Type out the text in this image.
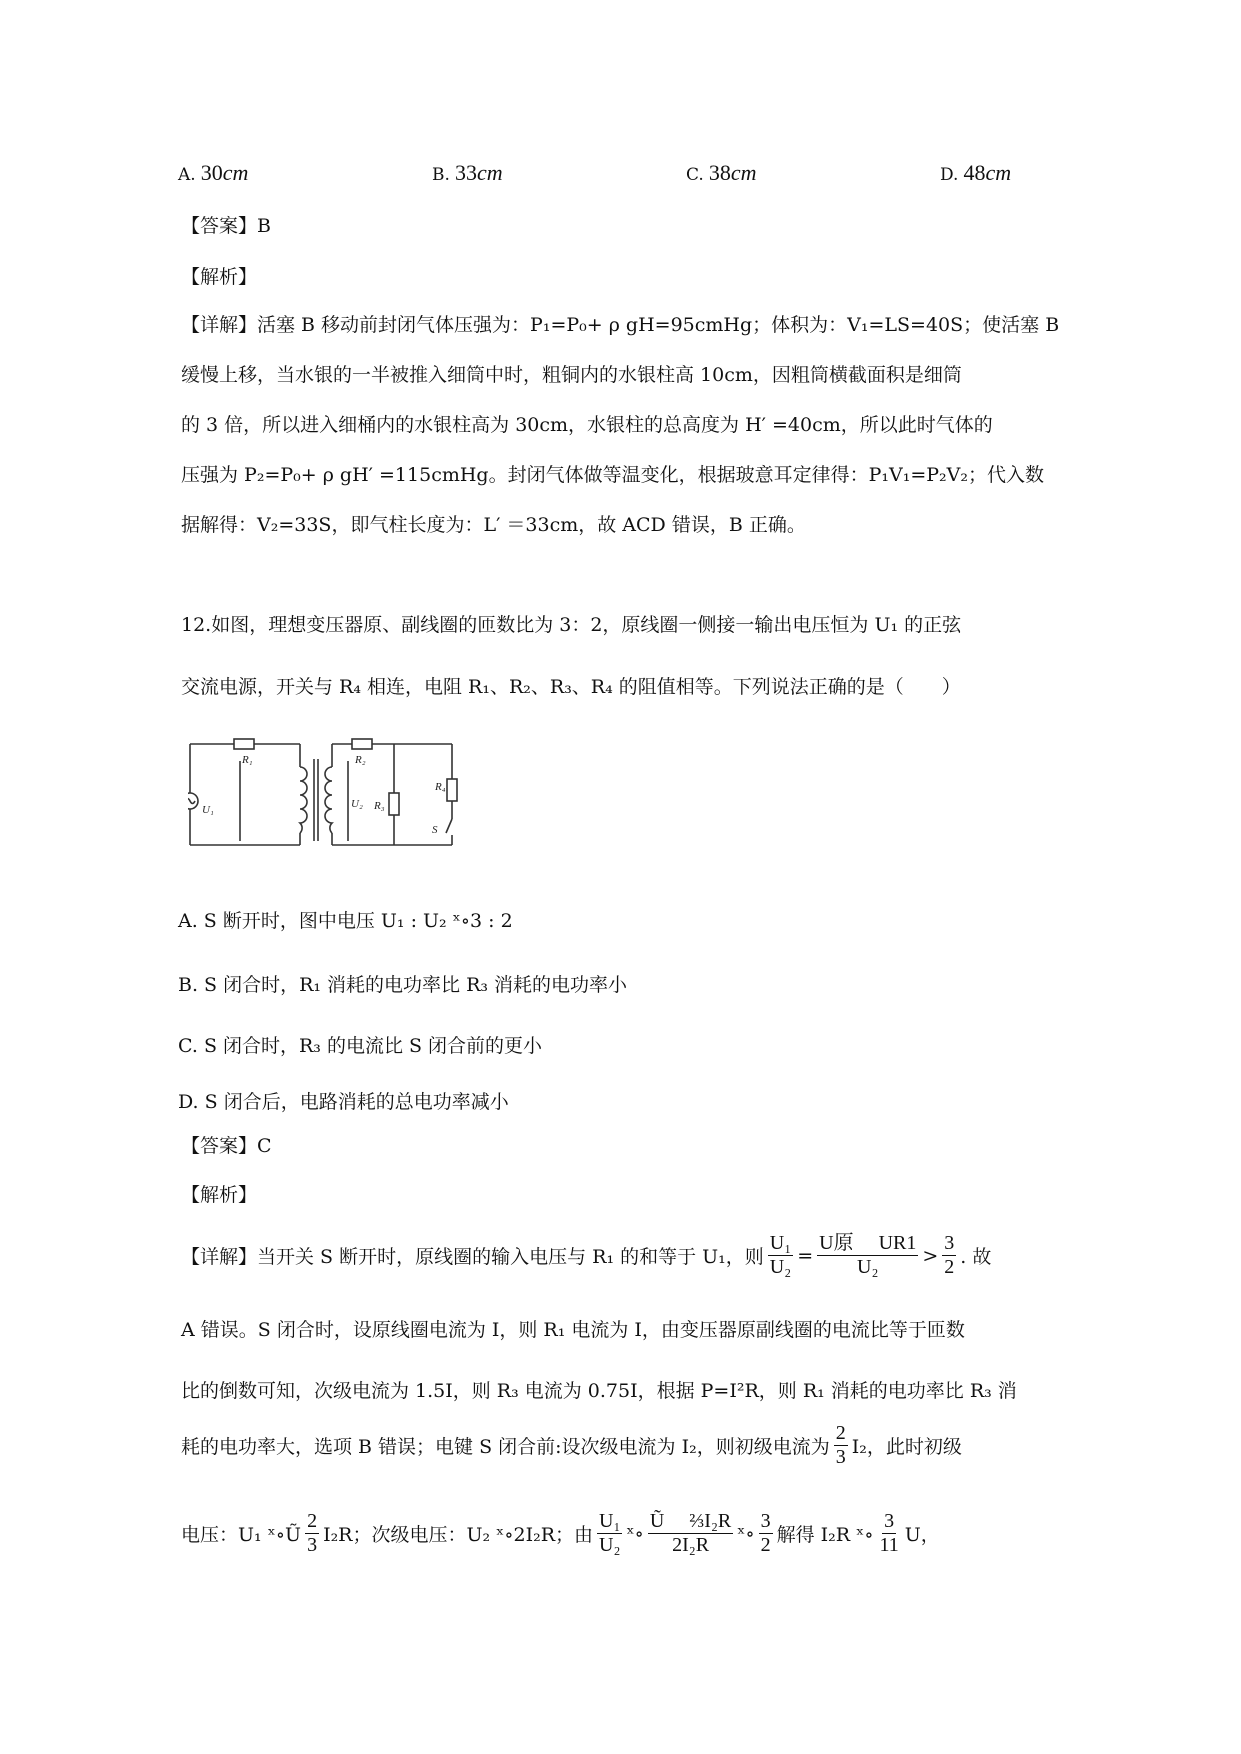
A. 30cm	B. 33cm	C. 38cm	D. 48cm
【答案】B
【解析】
【详解】活塞 B 移动前封闭气体压强为：P₁=P₀+ ρ gH=95cmHg；体积为：V₁=LS=40S；使活塞 B
缓慢上移，当水银的一半被推入细筒中时，粗铜内的水银柱高 10cm，因粗筒横截面积是细筒
的 3 倍，所以进入细桶内的水银柱高为 30cm，水银柱的总高度为 H′ =40cm，所以此时气体的
压强为 P₂=P₀+ ρ gH′ =115cmHg。封闭气体做等温变化，根据玻意耳定律得：P₁V₁=P₂V₂；代入数
据解得：V₂=33S，即气柱长度为：L′ ＝33cm，故 ACD 错误，B 正确。
12.如图，理想变压器原、副线圈的匝数比为 3：2，原线圈一侧接一输出电压恒为 U₁ 的正弦
交流电源，开关与 R₄ 相连，电阻 R₁、R₂、R₃、R₄ 的阻值相等。下列说法正确的是（　　）
R₁
U₁	U₂
R₂
R₃
R₄
S
A. S 断开时，图中电压 U₁ : U₂ ˣ∘3 : 2
B. S 闭合时，R₁ 消耗的电功率比 R₃ 消耗的电功率小
C. S 闭合时，R₃ 的电流比 S 闭合前的更小
D. S 闭合后，电路消耗的总电功率减小
【答案】C
【解析】
【详解】当开关 S 断开时，原线圈的输入电压与 R₁ 的和等于 U₁，则 $\frac{\text{U₁}}{\text{U₂}} = \frac{\text{U原　 UR1}}{\text{U₂}} > \frac{3}{2}$ . 故
A 错误。S 闭合时，设原线圈电流为 I，则 R₁ 电流为 I，由变压器原副线圈的电流比等于匝数
比的倒数可知，次级电流为 1.5I，则 R₃ 电流为 0.75I，根据 P=I²R，则 R₁ 消耗的电功率比 R₃ 消
耗的电功率大，选项 B 错误；电键 S 闭合前:设次级电流为 I₂，则初级电流为 $\frac{2}{3} I_2$，此时初级
电压：U₁ ˣ∘Ũ $\frac{2}{3} I_2R$；次级电压：U₂ ˣ∘2I₂R；由 $\frac{\text{U₁}}{\text{U₂}}$ ˣ∘ $\frac{\text{Ũ　 ⅔I₂R}}{\text{2I₂R}}$ ˣ∘ $\frac{3}{2}$ 解得 I₂R ˣ∘ $\frac{3}{11}$ U，
